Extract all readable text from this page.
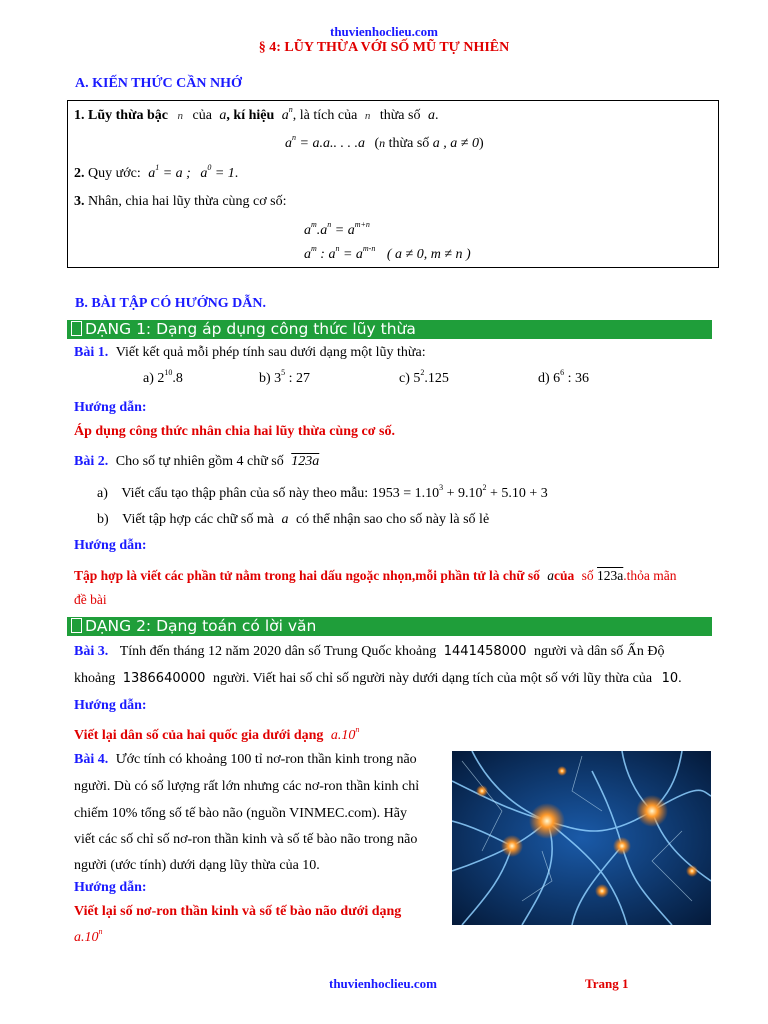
thuvienhoclieu.com
§ 4: LŨY THỪA VỚI SỐ MŨ TỰ NHIÊN
A. KIẾN THỨC CẦN NHỚ
1. Lũy thừa bậc n của a, kí hiệu $a^n$, là tích của n thừa số a.
$a^n = a.a$.. . . .a (n thừa số a , a ≠ 0)
2. Quy ước: $a^1 = a$ ; $a^0 = 1$.
3. Nhân, chia hai lũy thừa cùng cơ số:
$a^m.a^n = a^{m+n}$
$a^m$ : $a^n = a^{m-n}$ ( a ≠ 0, m ≠ n )
B. BÀI TẬP CÓ HƯỚNG DẪN.
DẠNG 1: Dạng áp dụng công thức lũy thừa
Bài 1. Viết kết quả mỗi phép tính sau dưới dạng một lũy thừa:
a) $2^{10}.8$	b) $3^5$ : 27	c) $5^2.125$	d) $6^6$ : 36
Hướng dẫn:
Áp dụng công thức nhân chia hai lũy thừa cùng cơ số.
Bài 2. Cho số tự nhiên gồm 4 chữ số 123a
a) Viết cấu tạo thập phân của số này theo mẫu: $1953 = 1.10^3 + 9.10^2 + 5.10 + 3$
b) Viết tập hợp các chữ số mà a có thể nhận sao cho số này là số lẻ
Hướng dẫn:
Tập hợp là viết các phần tử nằm trong hai dấu ngoặc nhọn,mỗi phần tử là chữ số acủa số 123a.thỏa mãn
đề bài
DẠNG 2: Dạng toán có lời văn
Bài 3. Tính đến tháng 12 năm 2020 dân số Trung Quốc khoảng 1441458000 người và dân số Ấn Độ
khoảng 1386640000 người. Viết hai số chỉ số người này dưới dạng tích của một số với lũy thừa của 10.
Hướng dẫn:
Viết lại dân số của hai quốc gia dưới dạng a.10$^n$
Bài 4. Ước tính có khoảng 100 tỉ nơ-ron thần kinh trong não
người. Dù có số lượng rất lớn nhưng các nơ-ron thần kinh chỉ
chiếm 10% tổng số tế bào não (nguồn VINMEC.com). Hãy
viết các số chỉ số nơ-ron thần kinh và số tế bào não trong não
người (ước tính) dưới dạng lũy thừa của 10.
Hướng dẫn:
Viết lại số nơ-ron thần kinh và số tế bào não dưới dạng
a.10$^n$
thuvienhoclieu.com	Trang 1
